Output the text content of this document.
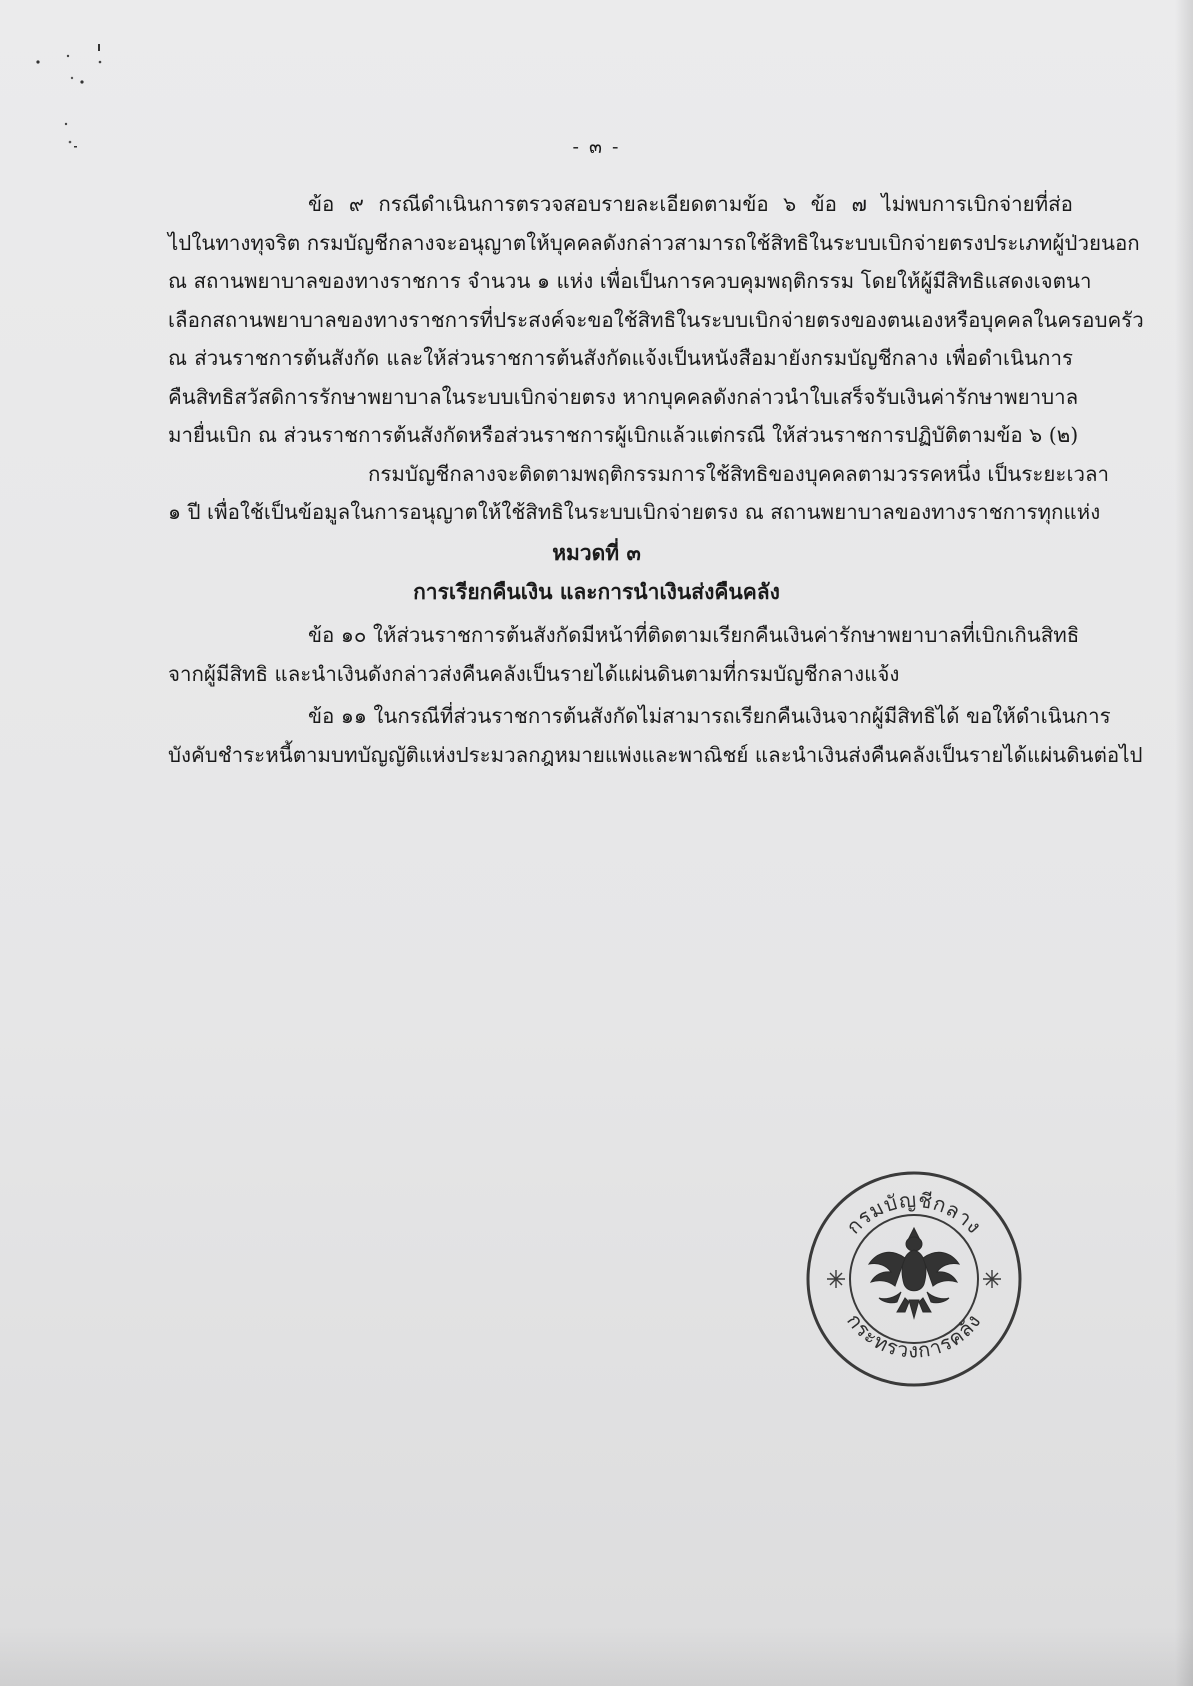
- ๓ -
ข้อ ๙ กรณีดำเนินการตรวจสอบรายละเอียดตามข้อ ๖ ข้อ ๗ ไม่พบการเบิกจ่ายที่ส่อ
ไปในทางทุจริต กรมบัญชีกลางจะอนุญาตให้บุคคลดังกล่าวสามารถใช้สิทธิในระบบเบิกจ่ายตรงประเภทผู้ป่วยนอก
ณ สถานพยาบาลของทางราชการ จำนวน ๑ แห่ง เพื่อเป็นการควบคุมพฤติกรรม โดยให้ผู้มีสิทธิแสดงเจตนา
เลือกสถานพยาบาลของทางราชการที่ประสงค์จะขอใช้สิทธิในระบบเบิกจ่ายตรงของตนเองหรือบุคคลในครอบครัว
ณ ส่วนราชการต้นสังกัด และให้ส่วนราชการต้นสังกัดแจ้งเป็นหนังสือมายังกรมบัญชีกลาง เพื่อดำเนินการ
คืนสิทธิสวัสดิการรักษาพยาบาลในระบบเบิกจ่ายตรง หากบุคคลดังกล่าวนำใบเสร็จรับเงินค่ารักษาพยาบาล
มายื่นเบิก ณ ส่วนราชการต้นสังกัดหรือส่วนราชการผู้เบิกแล้วแต่กรณี ให้ส่วนราชการปฏิบัติตามข้อ ๖ (๒)
กรมบัญชีกลางจะติดตามพฤติกรรมการใช้สิทธิของบุคคลตามวรรคหนึ่ง เป็นระยะเวลา
๑ ปี เพื่อใช้เป็นข้อมูลในการอนุญาตให้ใช้สิทธิในระบบเบิกจ่ายตรง ณ สถานพยาบาลของทางราชการทุกแห่ง
หมวดที่ ๓
การเรียกคืนเงิน และการนำเงินส่งคืนคลัง
ข้อ ๑๐ ให้ส่วนราชการต้นสังกัดมีหน้าที่ติดตามเรียกคืนเงินค่ารักษาพยาบาลที่เบิกเกินสิทธิ
จากผู้มีสิทธิ และนำเงินดังกล่าวส่งคืนคลังเป็นรายได้แผ่นดินตามที่กรมบัญชีกลางแจ้ง
ข้อ ๑๑ ในกรณีที่ส่วนราชการต้นสังกัดไม่สามารถเรียกคืนเงินจากผู้มีสิทธิได้ ขอให้ดำเนินการ
บังคับชำระหนี้ตามบทบัญญัติแห่งประมวลกฎหมายแพ่งและพาณิชย์ และนำเงินส่งคืนคลังเป็นรายได้แผ่นดินต่อไป
กรมบัญชีกลาง
กระทรวงการคลัง
